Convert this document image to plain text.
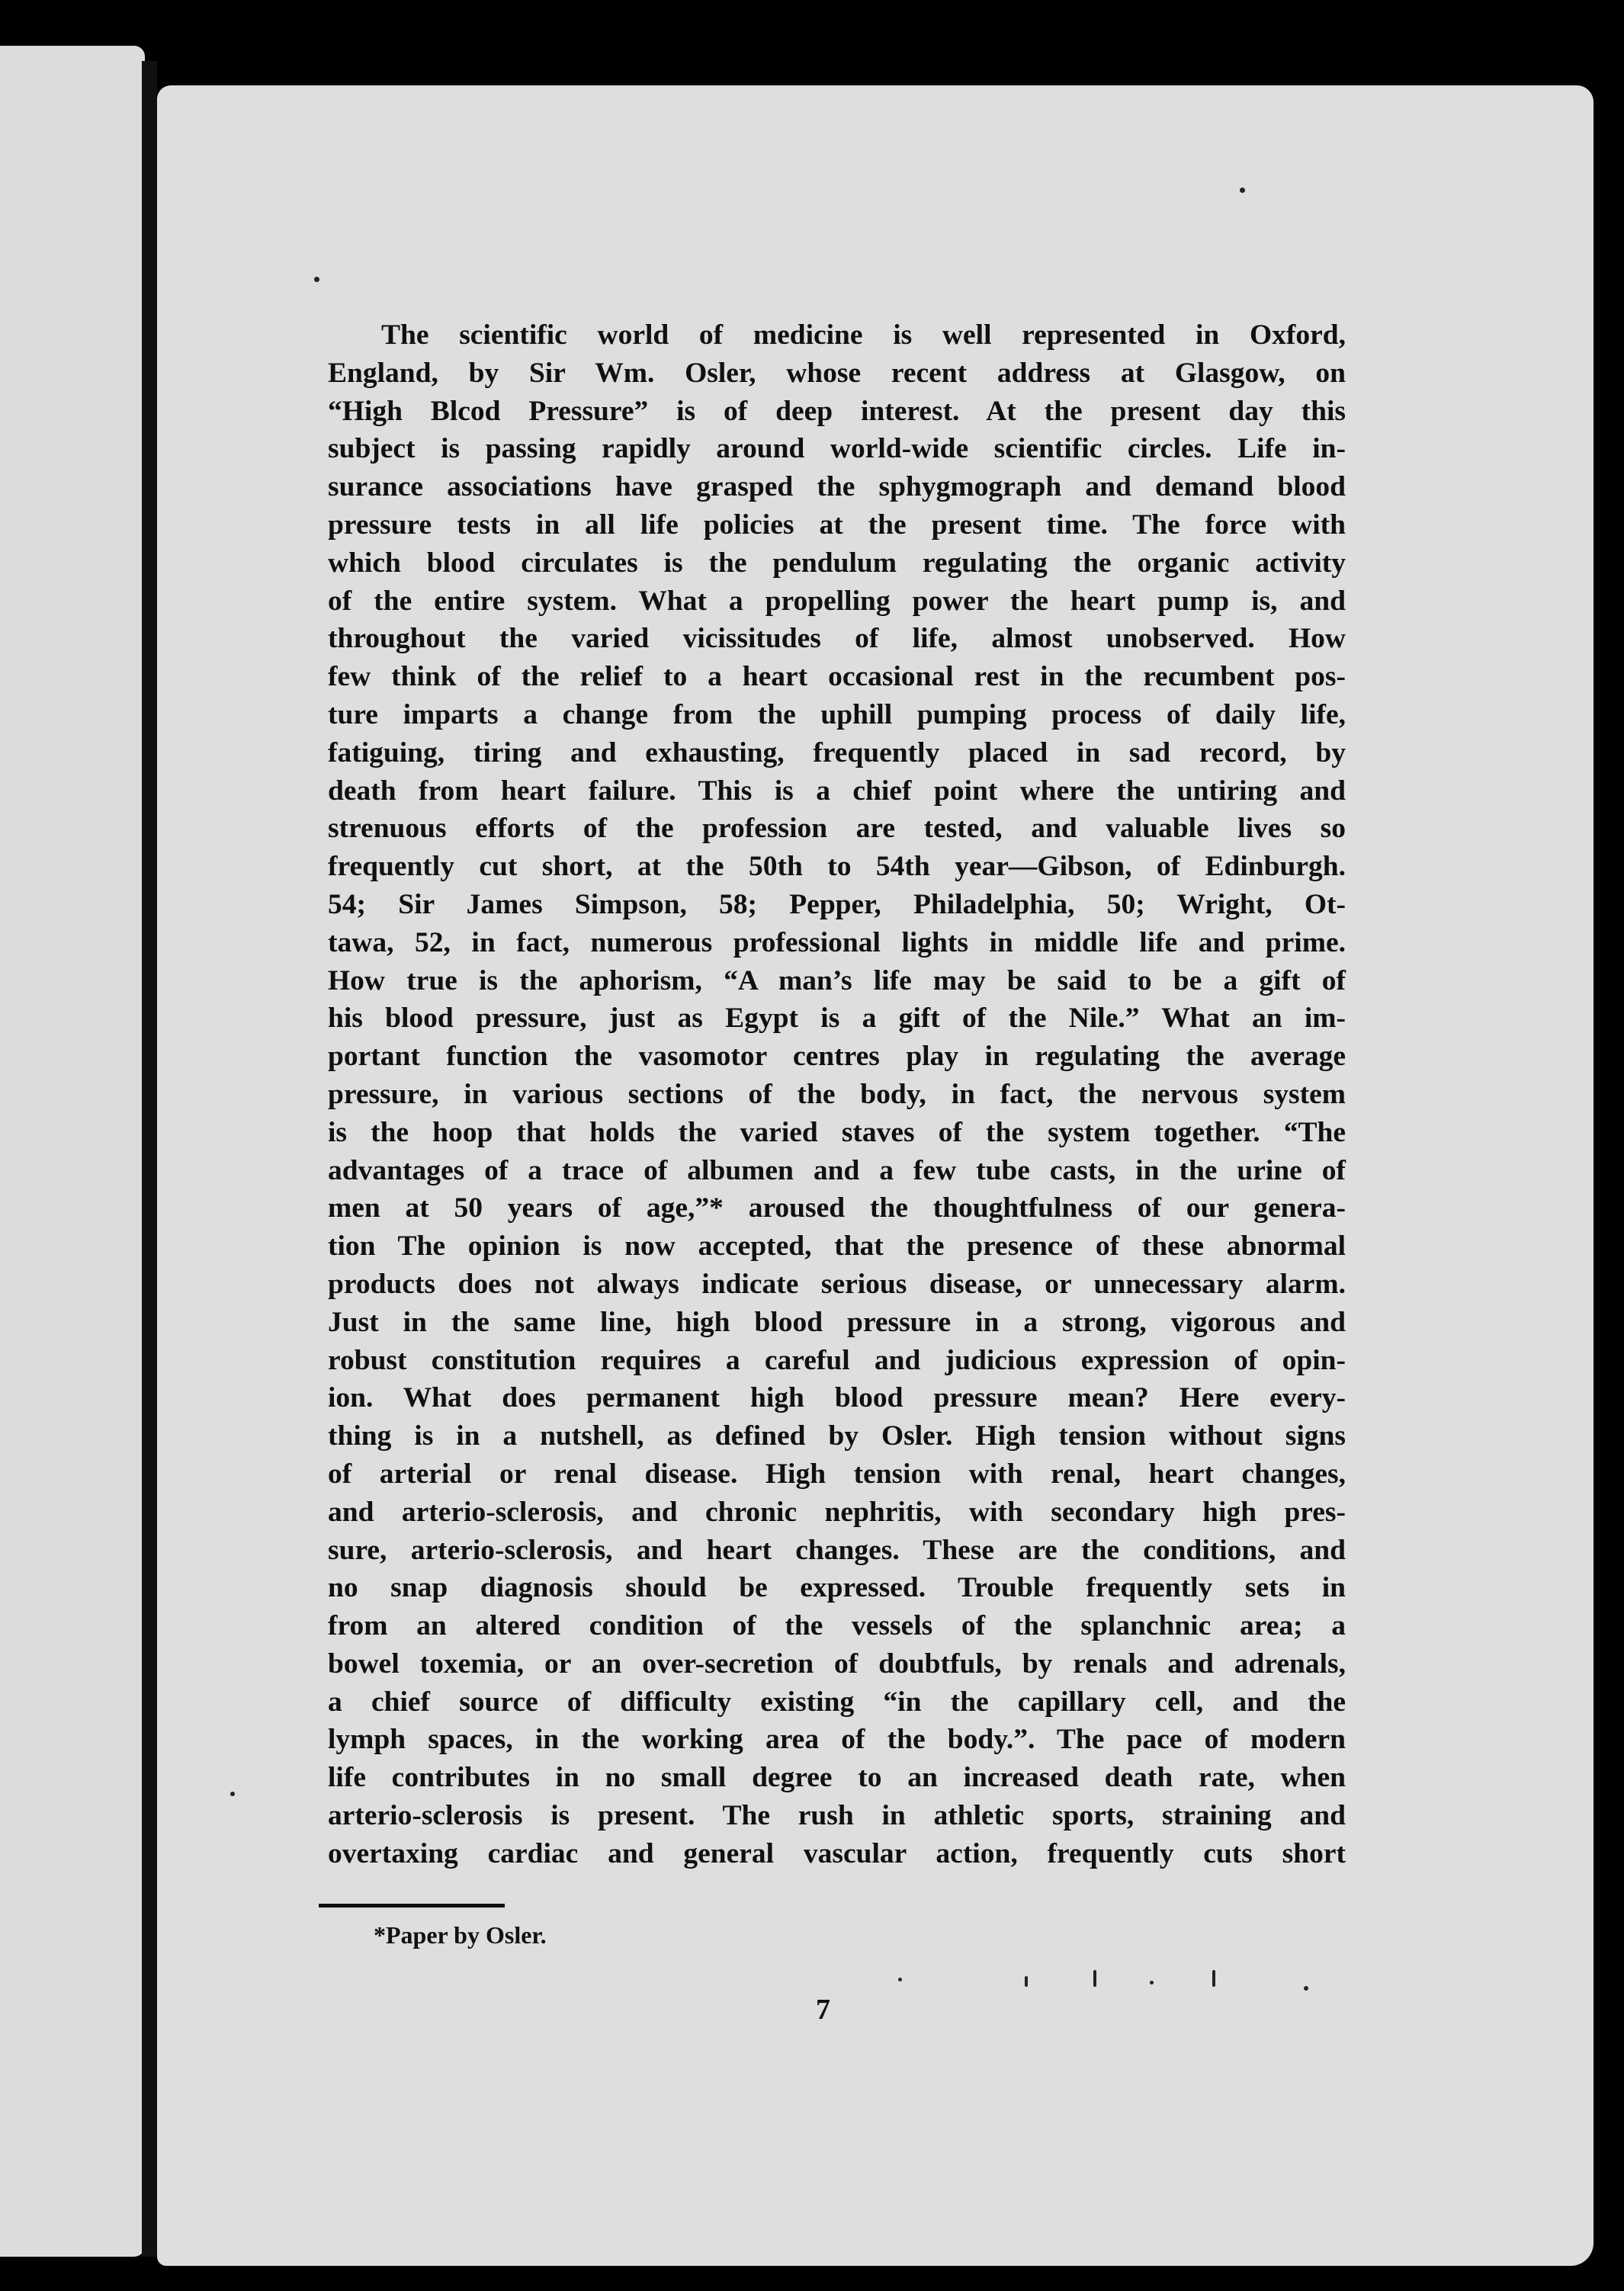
The scientific world of medicine is well represented in Oxford,
England, by Sir Wm. Osler, whose recent address at Glasgow, on
“High Blcod Pressure” is of deep interest. At the present day this
subject is passing rapidly around world-wide scientific circles. Life in-
surance associations have grasped the sphygmograph and demand blood
pressure tests in all life policies at the present time. The force with
which blood circulates is the pendulum regulating the organic activity
of the entire system. What a propelling power the heart pump is, and
throughout the varied vicissitudes of life, almost unobserved. How
few think of the relief to a heart occasional rest in the recumbent pos-
ture imparts a change from the uphill pumping process of daily life,
fatiguing, tiring and exhausting, frequently placed in sad record, by
death from heart failure. This is a chief point where the untiring and
strenuous efforts of the profession are tested, and valuable lives so
frequently cut short, at the 50th to 54th year—Gibson, of Edinburgh.
54; Sir James Simpson, 58; Pepper, Philadelphia, 50; Wright, Ot-
tawa, 52, in fact, numerous professional lights in middle life and prime.
How true is the aphorism, “A man’s life may be said to be a gift of
his blood pressure, just as Egypt is a gift of the Nile.” What an im-
portant function the vasomotor centres play in regulating the average
pressure, in various sections of the body, in fact, the nervous system
is the hoop that holds the varied staves of the system together. “The
advantages of a trace of albumen and a few tube casts, in the urine of
men at 50 years of age,”* aroused the thoughtfulness of our genera-
tion The opinion is now accepted, that the presence of these abnormal
products does not always indicate serious disease, or unnecessary alarm.
Just in the same line, high blood pressure in a strong, vigorous and
robust constitution requires a careful and judicious expression of opin-
ion. What does permanent high blood pressure mean? Here every-
thing is in a nutshell, as defined by Osler. High tension without signs
of arterial or renal disease. High tension with renal, heart changes,
and arterio-sclerosis, and chronic nephritis, with secondary high pres-
sure, arterio-sclerosis, and heart changes. These are the conditions, and
no snap diagnosis should be expressed. Trouble frequently sets in
from an altered condition of the vessels of the splanchnic area; a
bowel toxemia, or an over-secretion of doubtfuls, by renals and adrenals,
a chief source of difficulty existing “in the capillary cell, and the
lymph spaces, in the working area of the body.”. The pace of modern
life contributes in no small degree to an increased death rate, when
arterio-sclerosis is present. The rush in athletic sports, straining and
overtaxing cardiac and general vascular action, frequently cuts short

*Paper by Osler.

7
